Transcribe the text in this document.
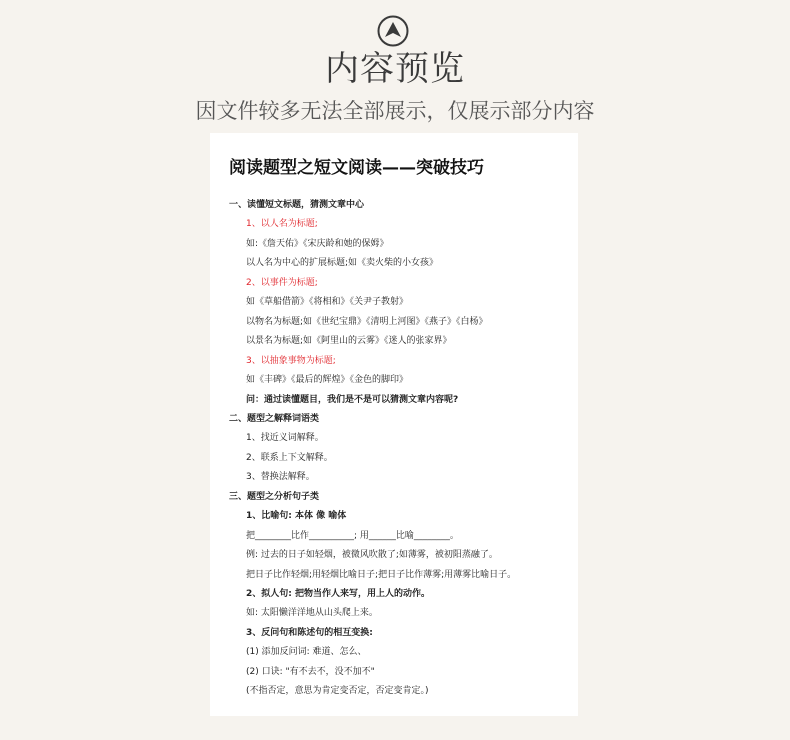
内容预览
因文件较多无法全部展示，仅展示部分内容
阅读题型之短文阅读——突破技巧
一、读懂短文标题，猜测文章中心
1、以人名为标题;
如:《詹天佑》《宋庆龄和她的保姆》
以人名为中心的扩展标题;如《卖火柴的小女孩》
2、以事件为标题;
如《草船借箭》《将相和》《关尹子教射》
以物名为标题;如《世纪宝鼎》《清明上河图》《燕子》《白杨》
以景名为标题;如《阿里山的云雾》《迷人的张家界》
3、以抽象事物为标题;
如《丰碑》《最后的辉煌》《金色的脚印》
问：通过读懂题目，我们是不是可以猜测文章内容呢?
二、题型之解释词语类
1、找近义词解释。
2、联系上下文解释。
3、替换法解释。
三、题型之分析句子类
1、比喻句: 本体 像 喻体
把________比作__________; 用______比喻________。
例: 过去的日子如轻烟，被微风吹散了;如薄雾，被初阳蒸融了。
把日子比作轻烟;用轻烟比喻日子;把日子比作薄雾;用薄雾比喻日子。
2、拟人句: 把物当作人来写，用上人的动作。
如: 太阳懒洋洋地从山头爬上来。
3、反问句和陈述句的相互变换:
(1) 添加反问词: 难道、怎么、
(2) 口诀: "有不去不，没不加不"
(不指否定，意思为肯定变否定，否定变肯定。)
